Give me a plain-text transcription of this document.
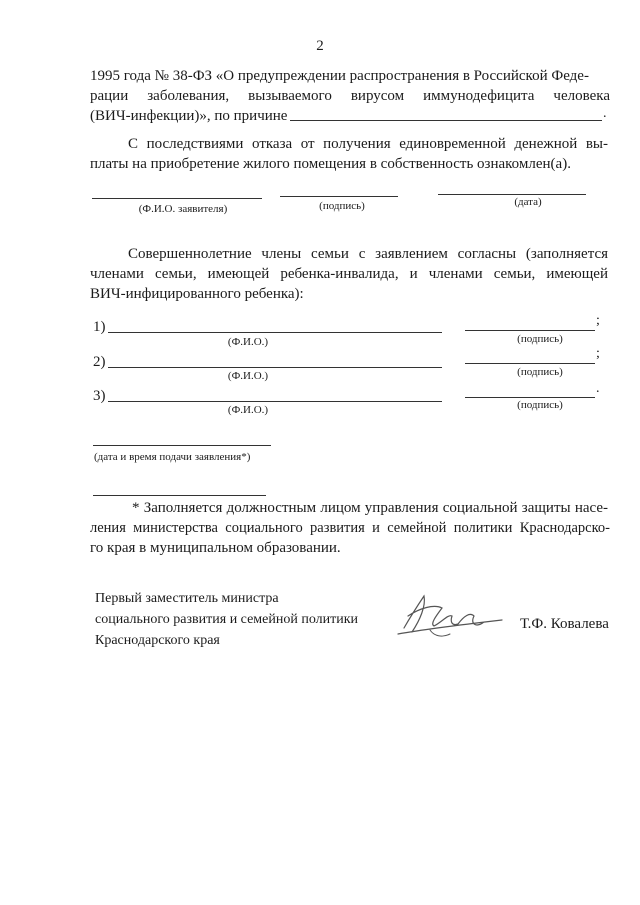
2
1995 года № 38-ФЗ «О предупреждении распространения в Российской Феде-
рации заболевания, вызываемого вирусом иммунодефицита человека
(ВИЧ-инфекции)», по причине	.
С последствиями отказа от получения единовременной денежной вы-
платы на приобретение жилого помещения в собственность ознакомлен(а).
(Ф.И.О. заявителя)	(подпись)	(дата)
Совершеннолетние члены семьи с заявлением согласны (заполняется
членами семьи, имеющей ребенка-инвалида, и членами семьи, имеющей
ВИЧ-инфицированного ребенка):
1)	;
(Ф.И.О.)	(подпись)
2)
;
(Ф.И.О.)	(подпись)
3)	.
(Ф.И.О.)	(подпись)
(дата и время подачи заявления*)
* Заполняется должностным лицом управления социальной защиты насе-
ления министерства социального развития и семейной политики Краснодарско-
го края в муниципальном образовании.
Первый заместитель министра
социального развития и семейной политики
Краснодарского края
Т.Ф. Ковалева
